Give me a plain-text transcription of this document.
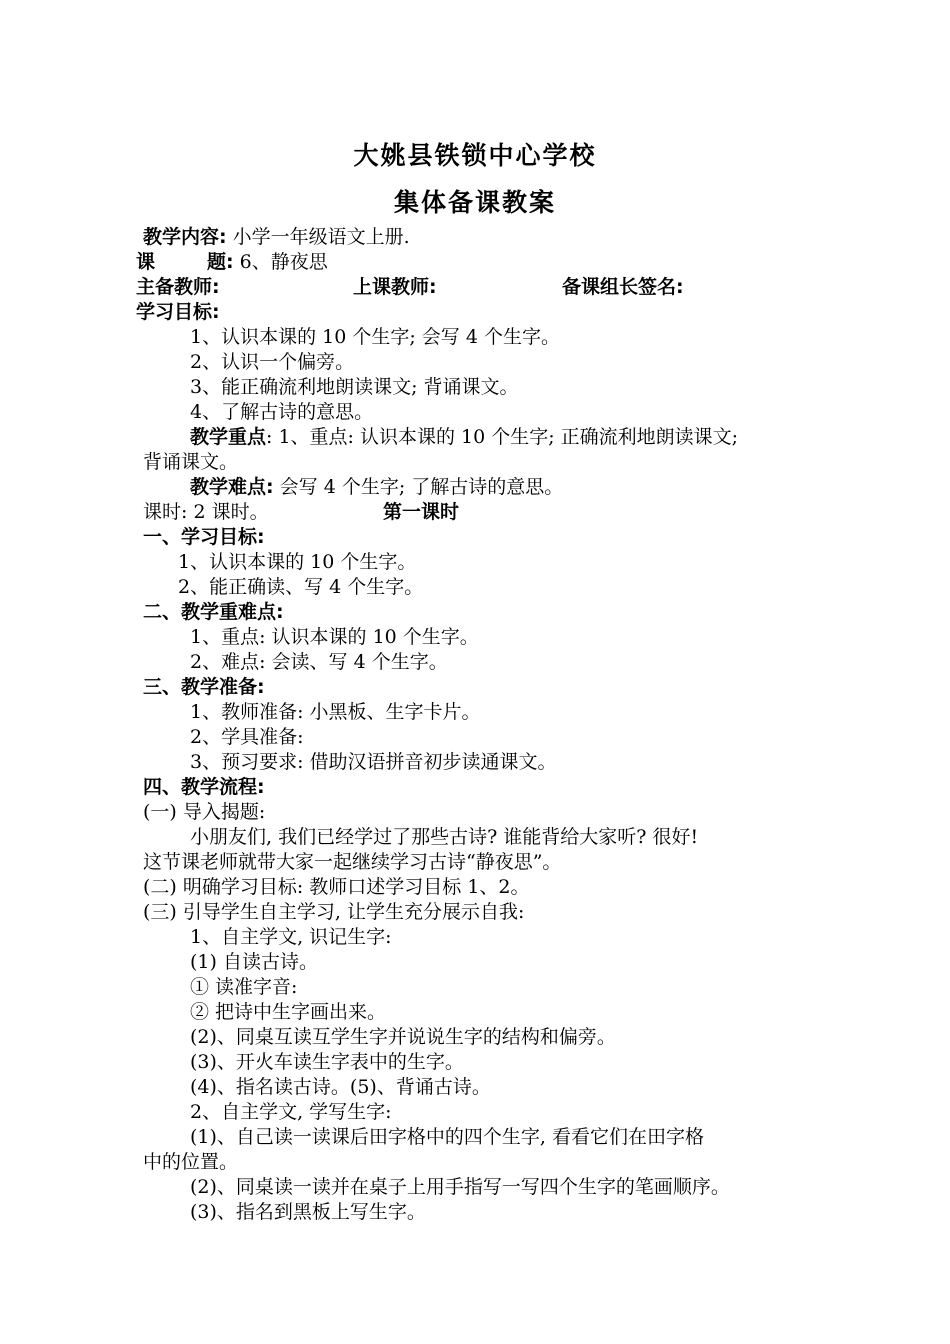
大姚县铁锁中心学校
集体备课教案
教学内容: 小学一年级语文上册.
课	题: 6、静夜思
主备教师:	上课教师:	备课组长签名:
学习目标:
1、认识本课的 10 个生字; 会写 4 个生字。
2、认识一个偏旁。
3、能正确流利地朗读课文; 背诵课文。
4、了解古诗的意思。
教学重点: 1、重点: 认识本课的 10 个生字; 正确流利地朗读课文;
背诵课文。
教学难点: 会写 4 个生字; 了解古诗的意思。
课时: 2 课时。	第一课时
一、学习目标:
1、认识本课的 10 个生字。
2、能正确读、写 4 个生字。
二、教学重难点:
1、重点: 认识本课的 10 个生字。
2、难点: 会读、写 4 个生字。
三、教学准备:
1、教师准备: 小黑板、生字卡片。
2、学具准备:
3、预习要求: 借助汉语拼音初步读通课文。
四、教学流程:
(一) 导入揭题:
小朋友们, 我们已经学过了那些古诗? 谁能背给大家听? 很好!
这节课老师就带大家一起继续学习古诗“静夜思”。
(二) 明确学习目标: 教师口述学习目标 1、2。
(三) 引导学生自主学习, 让学生充分展示自我:
1、自主学文, 识记生字:
(1) 自读古诗。
① 读准字音:
② 把诗中生字画出来。
(2)、同桌互读互学生字并说说生字的结构和偏旁。
(3)、开火车读生字表中的生字。
(4)、指名读古诗。(5)、背诵古诗。
2、自主学文, 学写生字:
(1)、自己读一读课后田字格中的四个生字, 看看它们在田字格
中的位置。
(2)、同桌读一读并在桌子上用手指写一写四个生字的笔画顺序。
(3)、指名到黑板上写生字。
